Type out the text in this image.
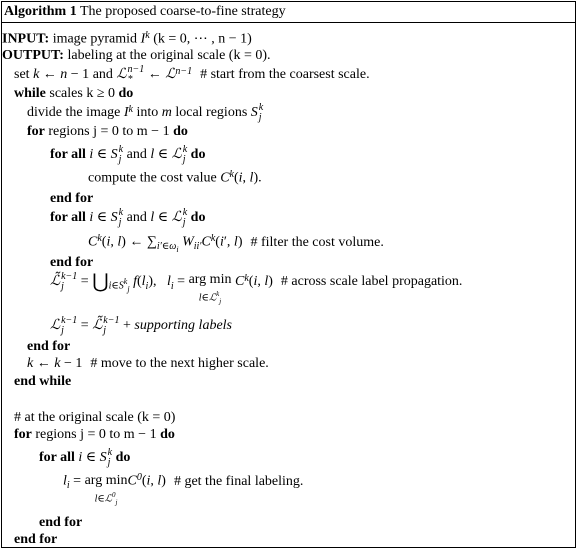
Algorithm 1 The proposed coarse-to-fine strategy
INPUT: image pyramid Ik (k = 0, ⋯ , n − 1)
OUTPUT: labeling at the original scale (k = 0).
set k ← n − 1 and ℒ n−1
* ← ℒn−1 # start from the coarsest scale.
while scales k ≥ 0 do
divide the image Ik into m local regions S k
j
for regions j = 0 to m − 1 do
for all i ∈ S k
j and l ∈ ℒ k
j do
compute the cost value Ck(i, l).
end for
for all i ∈ S k
j and l ∈ ℒ k
j do
Ck(i, l) ← $\sum i'\in\omega_i$ Wii′Ck(i′, l) # filter the cost volume.
end for
ℒ̃ k−1
$j = ⋃i\in S^k_j$ f(li),   li = arg min
l∈ℒ$^k_j$
Ck(i, l) # across scale label propagation.
ℒ k−1
j = ℒ̃ k−1
j + supporting labels
end for
k ← k − 1 # move to the next higher scale.
end while
# at the original scale (k = 0)
for regions j = 0 to m − 1 do
for all i ∈ S k
j do
li = arg min
l∈ℒ$^0_j$
C0(i, l) # get the final labeling.
end for
end for
